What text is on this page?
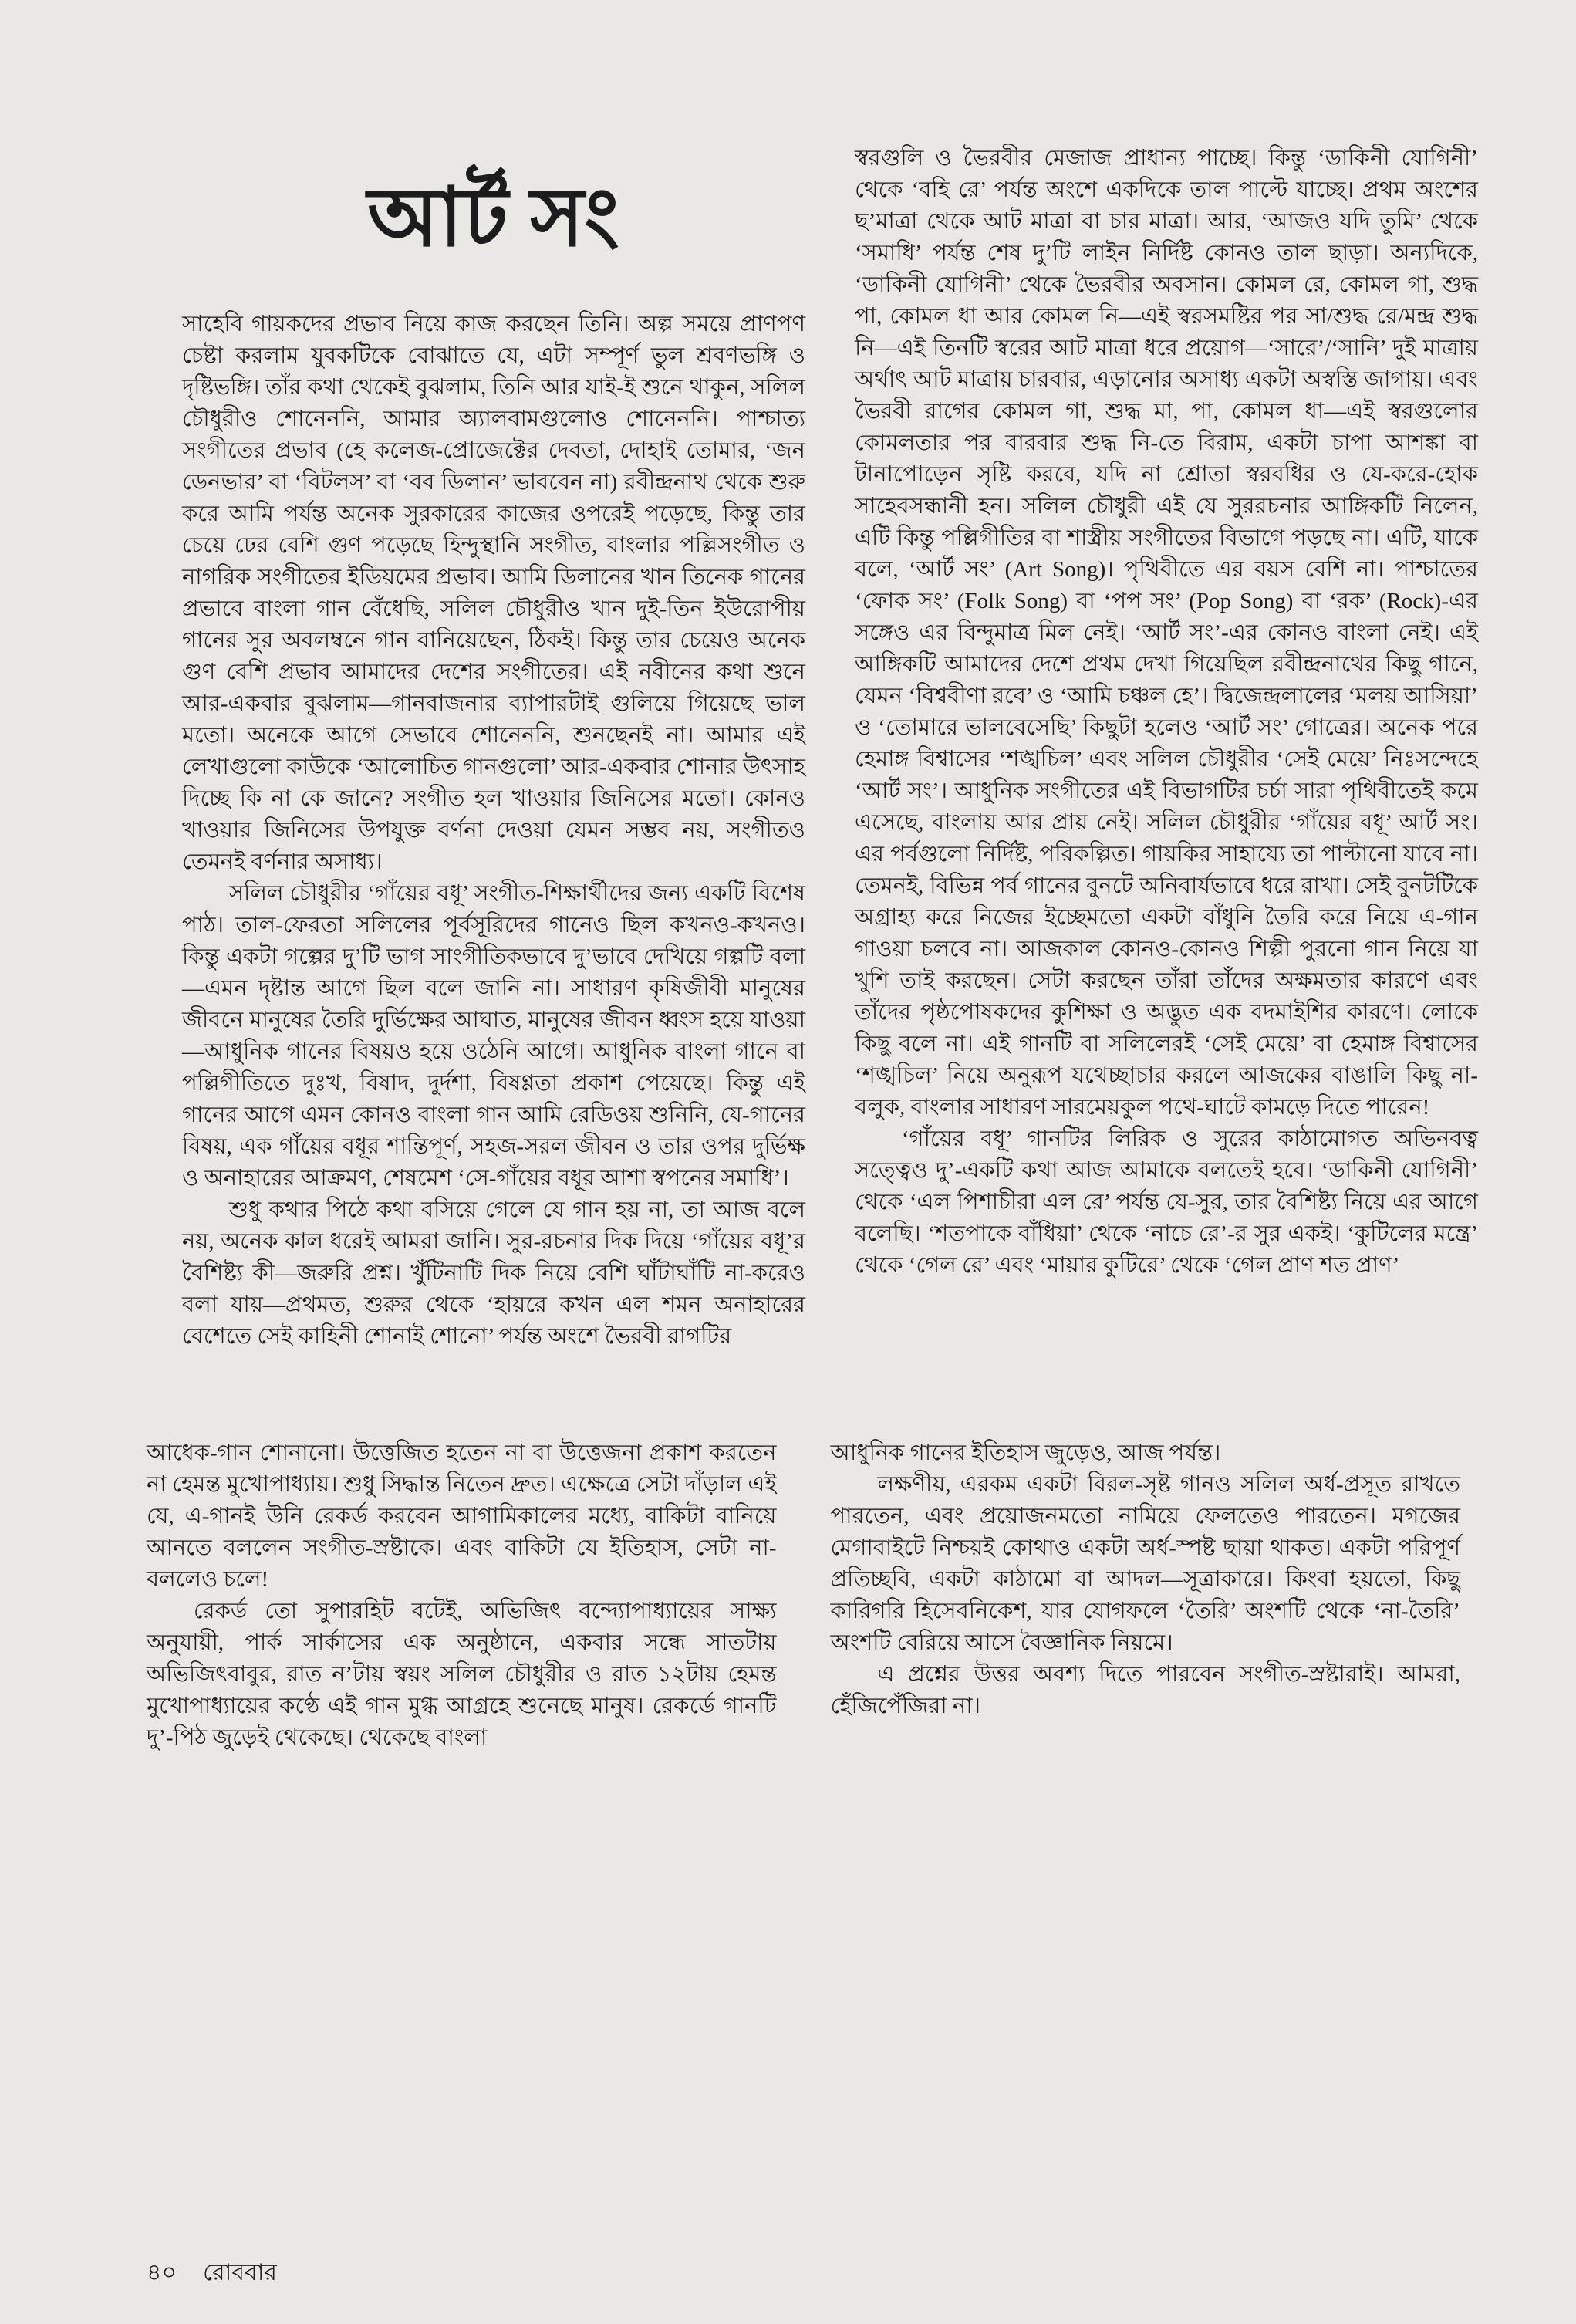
আর্ট সং

সাহেবি গায়কদের প্রভাব নিয়ে কাজ করছেন তিনি। অল্প সময়ে প্রাণপণ চেষ্টা করলাম যুবকটিকে বোঝাতে যে, এটা সম্পূর্ণ ভুল শ্রবণভঙ্গি ও দৃষ্টিভঙ্গি। তাঁর কথা থেকেই বুঝলাম, তিনি আর যাই-ই শুনে থাকুন, সলিল চৌধুরীও শোনেননি, আমার অ্যালবামগুলোও শোনেননি। পাশ্চাত্য সংগীতের প্রভাব (হে কলেজ-প্রোজেক্টের দেবতা, দোহাই তোমার, ‘জন ডেনভার’ বা ‘বিটলস’ বা ‘বব ডিলান’ ভাববেন না) রবীন্দ্রনাথ থেকে শুরু করে আমি পর্যন্ত অনেক সুরকারের কাজের ওপরেই পড়েছে, কিন্তু তার চেয়ে ঢের বেশি গুণ পড়েছে হিন্দুস্থানি সংগীত, বাংলার পল্লিসংগীত ও নাগরিক সংগীতের ইডিয়মের প্রভাব। আমি ডিলানের খান তিনেক গানের প্রভাবে বাংলা গান বেঁধেছি, সলিল চৌধুরীও খান দুই-তিন ইউরোপীয় গানের সুর অবলম্বনে গান বানিয়েছেন, ঠিকই। কিন্তু তার চেয়েও অনেক গুণ বেশি প্রভাব আমাদের দেশের সংগীতের। এই নবীনের কথা শুনে আর-একবার বুঝলাম—গানবাজনার ব্যাপারটাই গুলিয়ে গিয়েছে ভাল মতো। অনেকে আগে সেভাবে শোনেননি, শুনছেনই না। আমার এই লেখাগুলো কাউকে ‘আলোচিত গানগুলো’ আর-একবার শোনার উৎসাহ দিচ্ছে কি না কে জানে? সংগীত হল খাওয়ার জিনিসের মতো। কোনও খাওয়ার জিনিসের উপযুক্ত বর্ণনা দেওয়া যেমন সম্ভব নয়, সংগীতও তেমনই বর্ণনার অসাধ্য।

সলিল চৌধুরীর ‘গাঁয়ের বধূ’ সংগীত-শিক্ষার্থীদের জন্য একটি বিশেষ পাঠ। তাল-ফেরতা সলিলের পূর্বসূরিদের গানেও ছিল কখনও-কখনও। কিন্তু একটা গল্পের দু’টি ভাগ সাংগীতিকভাবে দু’ভাবে দেখিয়ে গল্পটি বলা—এমন দৃষ্টান্ত আগে ছিল বলে জানি না। সাধারণ কৃষিজীবী মানুষের জীবনে মানুষের তৈরি দুর্ভিক্ষের আঘাত, মানুষের জীবন ধ্বংস হয়ে যাওয়া—আধুনিক গানের বিষয়ও হয়ে ওঠেনি আগে। আধুনিক বাংলা গানে বা পল্লিগীতিতে দুঃখ, বিষাদ, দুর্দশা, বিষণ্ণতা প্রকাশ পেয়েছে। কিন্তু এই গানের আগে এমন কোনও বাংলা গান আমি রেডিওয় শুনিনি, যে-গানের বিষয়, এক গাঁয়ের বধূর শান্তিপূর্ণ, সহজ-সরল জীবন ও তার ওপর দুর্ভিক্ষ ও অনাহারের আক্রমণ, শেষমেশ ‘সে-গাঁয়ের বধূর আশা স্বপনের সমাধি’।

শুধু কথার পিঠে কথা বসিয়ে গেলে যে গান হয় না, তা আজ বলে নয়, অনেক কাল ধরেই আমরা জানি। সুর-রচনার দিক দিয়ে ‘গাঁয়ের বধূ’র বৈশিষ্ট্য কী—জরুরি প্রশ্ন। খুঁটিনাটি দিক নিয়ে বেশি ঘাঁটাঘাঁটি না-করেও বলা যায়—প্রথমত, শুরুর থেকে ‘হায়রে কখন এল শমন অনাহারের বেশেতে সেই কাহিনী শোনাই শোনো’ পর্যন্ত অংশে ভৈরবী রাগটির

স্বরগুলি ও ভৈরবীর মেজাজ প্রাধান্য পাচ্ছে। কিন্তু ‘ডাকিনী যোগিনী’ থেকে ‘বহি রে’ পর্যন্ত অংশে একদিকে তাল পাল্টে যাচ্ছে। প্রথম অংশের ছ’মাত্রা থেকে আট মাত্রা বা চার মাত্রা। আর, ‘আজও যদি তুমি’ থেকে ‘সমাধি’ পর্যন্ত শেষ দু’টি লাইন নির্দিষ্ট কোনও তাল ছাড়া। অন্যদিকে, ‘ডাকিনী যোগিনী’ থেকে ভৈরবীর অবসান। কোমল রে, কোমল গা, শুদ্ধ পা, কোমল ধা আর কোমল নি—এই স্বরসমষ্টির পর সা/শুদ্ধ রে/মন্দ্র শুদ্ধ নি—এই তিনটি স্বরের আট মাত্রা ধরে প্রয়োগ—‘সারে’/‘সানি’ দুই মাত্রায় অর্থাৎ আট মাত্রায় চারবার, এড়ানোর অসাধ্য একটা অস্বস্তি জাগায়। এবং ভৈরবী রাগের কোমল গা, শুদ্ধ মা, পা, কোমল ধা—এই স্বরগুলোর কোমলতার পর বারবার শুদ্ধ নি-তে বিরাম, একটা চাপা আশঙ্কা বা টানাপোড়েন সৃষ্টি করবে, যদি না শ্রোতা স্বরবধির ও যে-করে-হোক সাহেবসন্ধানী হন। সলিল চৌধুরী এই যে সুররচনার আঙ্গিকটি নিলেন, এটি কিন্তু পল্লিগীতির বা শাস্ত্রীয় সংগীতের বিভাগে পড়ছে না। এটি, যাকে বলে, ‘আর্ট সং’ (Art Song)। পৃথিবীতে এর বয়স বেশি না। পাশ্চাতের ‘ফোক সং’ (Folk Song) বা ‘পপ সং’ (Pop Song) বা ‘রক’ (Rock)-এর সঙ্গেও এর বিন্দুমাত্র মিল নেই। ‘আর্ট সং’-এর কোনও বাংলা নেই। এই আঙ্গিকটি আমাদের দেশে প্রথম দেখা গিয়েছিল রবীন্দ্রনাথের কিছু গানে, যেমন ‘বিশ্ববীণা রবে’ ও ‘আমি চঞ্চল হে’। দ্বিজেন্দ্রলালের ‘মলয় আসিয়া’ ও ‘তোমারে ভালবেসেছি’ কিছুটা হলেও ‘আর্ট সং’ গোত্রের। অনেক পরে হেমাঙ্গ বিশ্বাসের ‘শঙ্খচিল’ এবং সলিল চৌধুরীর ‘সেই মেয়ে’ নিঃসন্দেহে ‘আর্ট সং’। আধুনিক সংগীতের এই বিভাগটির চর্চা সারা পৃথিবীতেই কমে এসেছে, বাংলায় আর প্রায় নেই। সলিল চৌধুরীর ‘গাঁয়ের বধূ’ আর্ট সং। এর পর্বগুলো নির্দিষ্ট, পরিকল্পিত। গায়কির সাহায্যে তা পাল্টানো যাবে না। তেমনই, বিভিন্ন পর্ব গানের বুনটে অনিবার্যভাবে ধরে রাখা। সেই বুনটটিকে অগ্রাহ্য করে নিজের ইচ্ছেমতো একটা বাঁধুনি তৈরি করে নিয়ে এ-গান গাওয়া চলবে না। আজকাল কোনও-কোনও শিল্পী পুরনো গান নিয়ে যা খুশি তাই করছেন। সেটা করছেন তাঁরা তাঁদের অক্ষমতার কারণে এবং তাঁদের পৃষ্ঠপোষকদের কুশিক্ষা ও অদ্ভুত এক বদমাইশির কারণে। লোকে কিছু বলে না। এই গানটি বা সলিলেরই ‘সেই মেয়ে’ বা হেমাঙ্গ বিশ্বাসের ‘শঙ্খচিল’ নিয়ে অনুরূপ যথেচ্ছাচার করলে আজকের বাঙালি কিছু না-বলুক, বাংলার সাধারণ সারমেয়কুল পথে-ঘাটে কামড়ে দিতে পারেন!

‘গাঁয়ের বধূ’ গানটির লিরিক ও সুরের কাঠামোগত অভিনবত্ব সত্ত্বেও দু’-একটি কথা আজ আমাকে বলতেই হবে। ‘ডাকিনী যোগিনী’ থেকে ‘এল পিশাচীরা এল রে’ পর্যন্ত যে-সুর, তার বৈশিষ্ট্য নিয়ে এর আগে বলেছি। ‘শতপাকে বাঁধিয়া’ থেকে ‘নাচে রে’-র সুর একই। ‘কুটিলের মন্ত্রে’ থেকে ‘গেল রে’ এবং ‘মায়ার কুটিরে’ থেকে ‘গেল প্রাণ শত প্রাণ’

আধেক-গান শোনানো। উত্তেজিত হতেন না বা উত্তেজনা প্রকাশ করতেন না হেমন্ত মুখোপাধ্যায়। শুধু সিদ্ধান্ত নিতেন দ্রুত। এক্ষেত্রে সেটা দাঁড়াল এই যে, এ-গানই উনি রেকর্ড করবেন আগামিকালের মধ্যে, বাকিটা বানিয়ে আনতে বললেন সংগীত-স্রষ্টাকে। এবং বাকিটা যে ইতিহাস, সেটা না-বললেও চলে!

রেকর্ড তো সুপারহিট বটেই, অভিজিৎ বন্দ্যোপাধ্যায়ের সাক্ষ্য অনুযায়ী, পার্ক সার্কাসের এক অনুষ্ঠানে, একবার সন্ধে সাতটায় অভিজিৎবাবুর, রাত ন’টায় স্বয়ং সলিল চৌধুরীর ও রাত ১২টায় হেমন্ত মুখোপাধ্যায়ের কণ্ঠে এই গান মুগ্ধ আগ্রহে শুনেছে মানুষ। রেকর্ডে গানটি দু’-পিঠ জুড়েই থেকেছে। থেকেছে বাংলা

আধুনিক গানের ইতিহাস জুড়েও, আজ পর্যন্ত।

লক্ষণীয়, এরকম একটা বিরল-সৃষ্ট গানও সলিল অর্ধ-প্রসূত রাখতে পারতেন, এবং প্রয়োজনমতো নামিয়ে ফেলতেও পারতেন। মগজের মেগাবাইটে নিশ্চয়ই কোথাও একটা অর্ধ-স্পষ্ট ছায়া থাকত। একটা পরিপূর্ণ প্রতিচ্ছবি, একটা কাঠামো বা আদল—সূত্রাকারে। কিংবা হয়তো, কিছু কারিগরি হিসেবনিকেশ, যার যোগফলে ‘তৈরি’ অংশটি থেকে ‘না-তৈরি’ অংশটি বেরিয়ে আসে বৈজ্ঞানিক নিয়মে।

এ প্রশ্নের উত্তর অবশ্য দিতে পারবেন সংগীত-স্রষ্টারাই। আমরা, হেঁজিপেঁজিরা না।

৪০ রোববার
